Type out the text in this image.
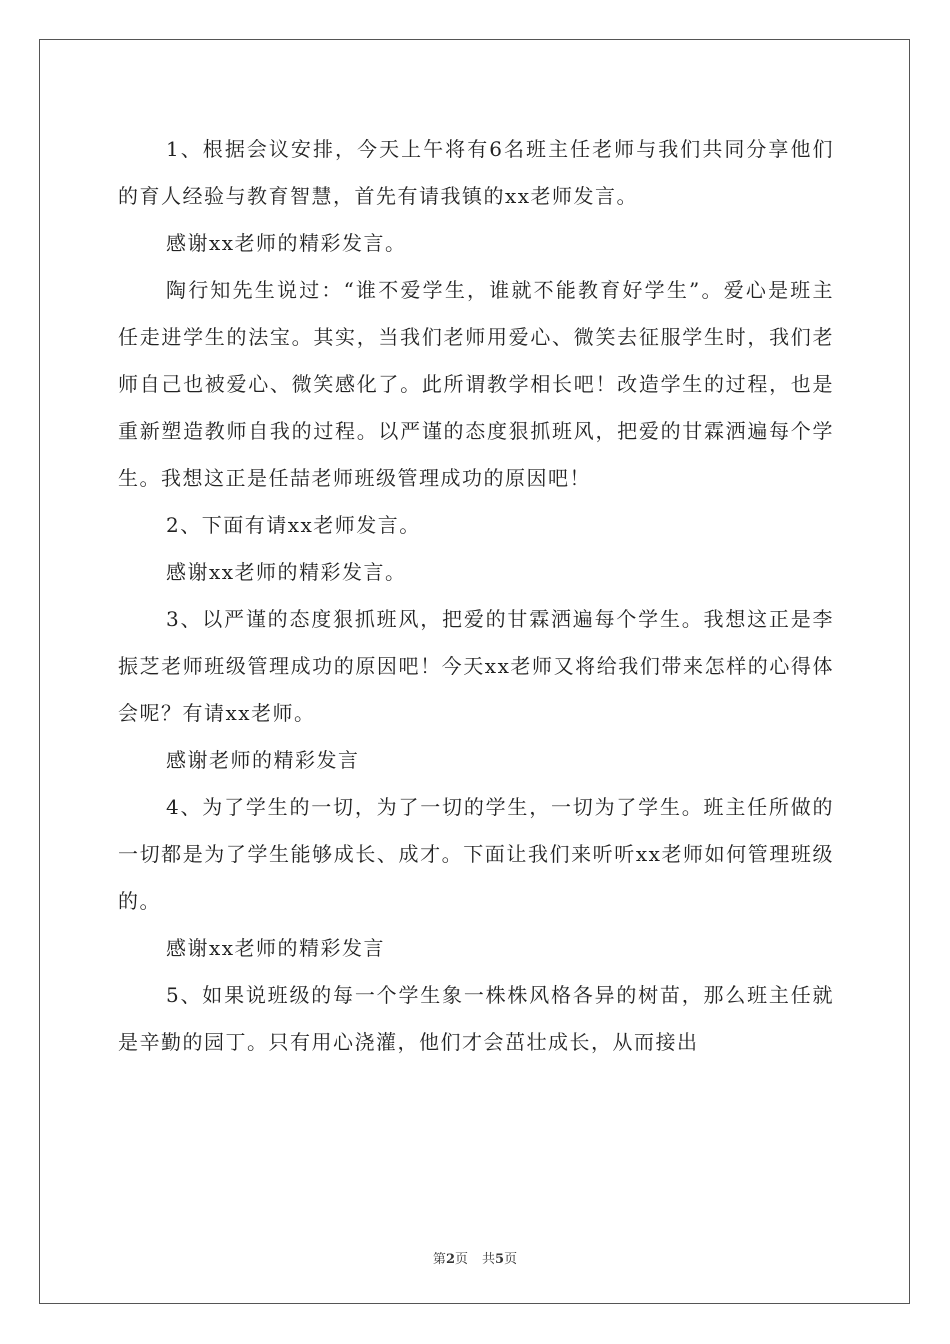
1、根据会议安排，今天上午将有6名班主任老师与我们共同分享他们的育人经验与教育智慧，首先有请我镇的xx老师发言。

感谢xx老师的精彩发言。

陶行知先生说过：“谁不爱学生，谁就不能教育好学生”。爱心是班主任走进学生的法宝。其实，当我们老师用爱心、微笑去征服学生时，我们老师自己也被爱心、微笑感化了。此所谓教学相长吧！改造学生的过程，也是重新塑造教师自我的过程。以严谨的态度狠抓班风，把爱的甘霖洒遍每个学生。我想这正是任喆老师班级管理成功的原因吧！

2、下面有请xx老师发言。

感谢xx老师的精彩发言。

3、以严谨的态度狠抓班风，把爱的甘霖洒遍每个学生。我想这正是李振芝老师班级管理成功的原因吧！今天xx老师又将给我们带来怎样的心得体会呢？有请xx老师。

感谢老师的精彩发言

4、为了学生的一切，为了一切的学生，一切为了学生。班主任所做的一切都是为了学生能够成长、成才。下面让我们来听听xx老师如何管理班级的。

感谢xx老师的精彩发言

5、如果说班级的每一个学生象一株株风格各异的树苗，那么班主任就是辛勤的园丁。只有用心浇灌，他们才会茁壮成长，从而接出

第2页 共5页
